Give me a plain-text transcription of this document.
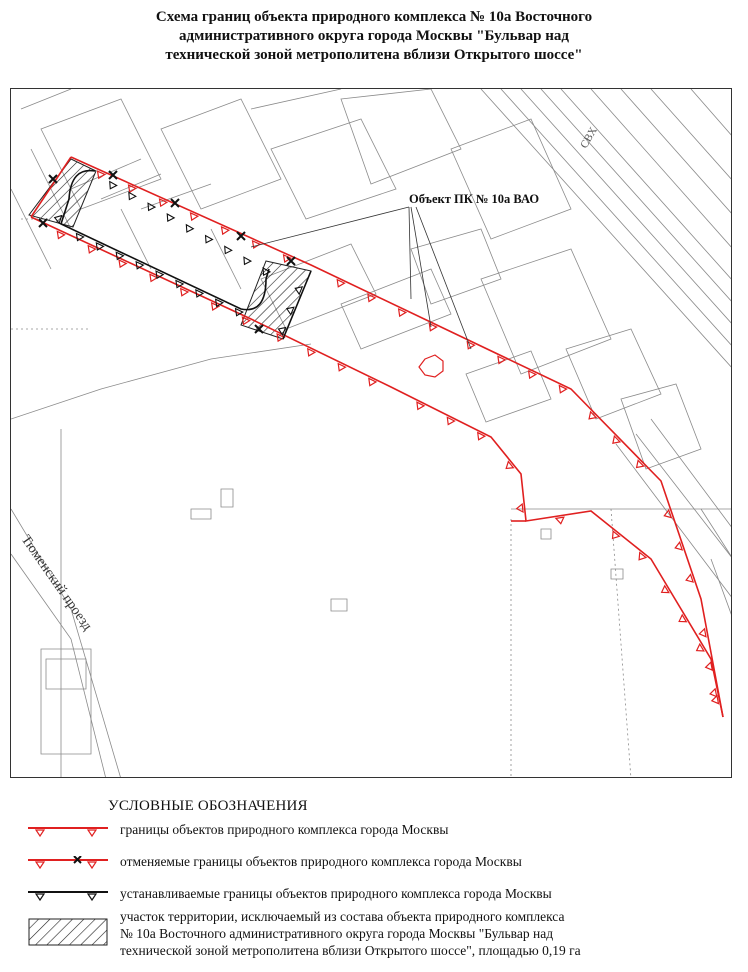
Схема границ объекта природного комплекса № 10а Восточного
административного округа города Москвы "Бульвар над
технической зоной метрополитена вблизи Открытого шоссе"
Объект ПК № 10а ВАО
Тюменский проезд
СВХ
УСЛОВНЫЕ ОБОЗНАЧЕНИЯ
границы объектов природного комплекса города Москвы
отменяемые границы объектов природного комплекса города Москвы
устанавливаемые границы объектов природного комплекса города Москвы
участок территории, исключаемый из состава объекта природного комплекса
№ 10а Восточного административного округа города Москвы "Бульвар над
технической зоной метрополитена вблизи Открытого шоссе", площадью 0,19 га
